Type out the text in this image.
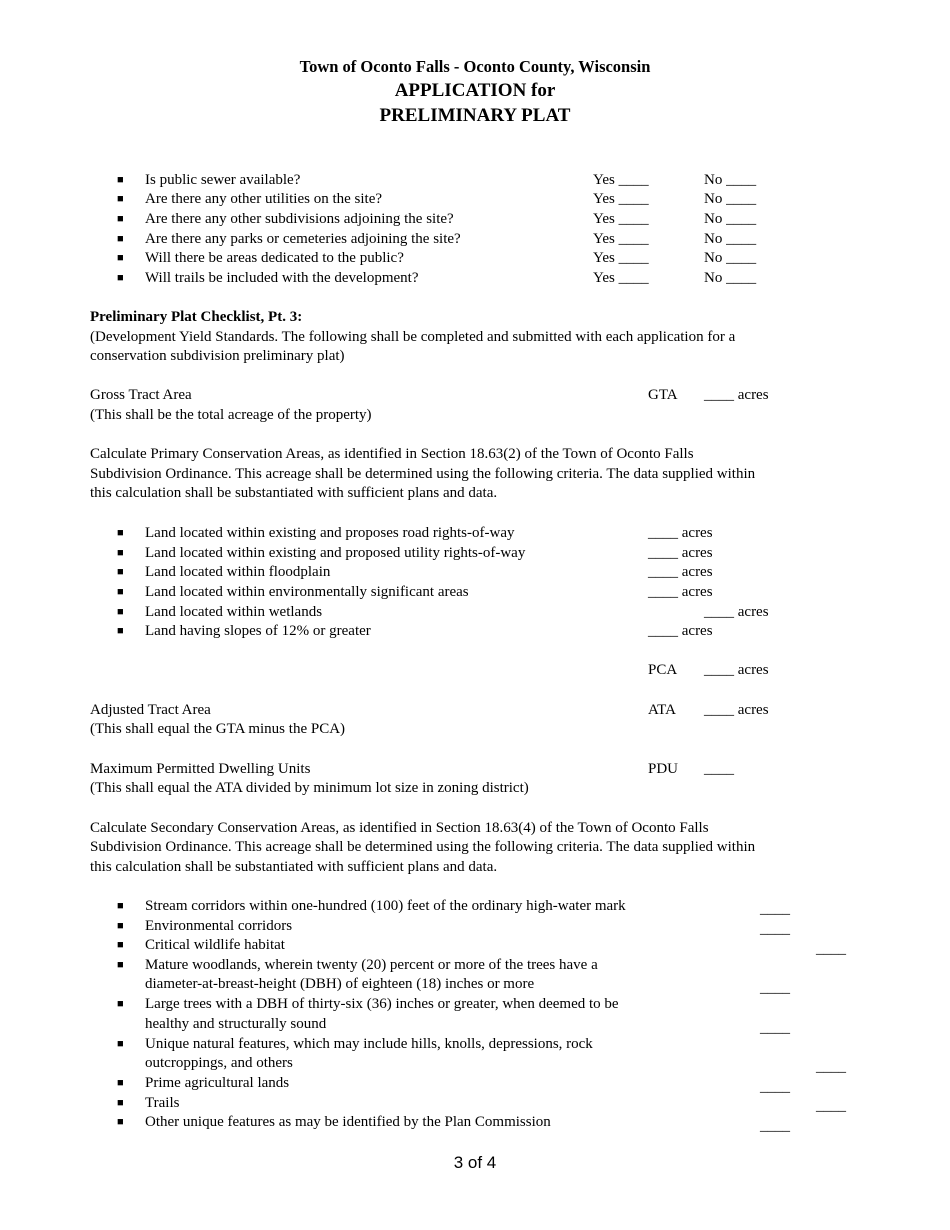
Town of Oconto Falls - Oconto County, Wisconsin
APPLICATION for
PRELIMINARY PLAT
■ Is public sewer available?	Yes ____	No ____
■ Are there any other utilities on the site?	Yes ____	No ____
■ Are there any other subdivisions adjoining the site?	Yes ____	No ____
■ Are there any parks or cemeteries adjoining the site?	Yes ____	No ____
■ Will there be areas dedicated to the public?	Yes ____	No ____
■ Will trails be included with the development?	Yes ____	No ____
Preliminary Plat Checklist, Pt. 3:
(Development Yield Standards. The following shall be completed and submitted with each application for a
conservation subdivision preliminary plat)
Gross Tract Area	GTA ____ acres
(This shall be the total acreage of the property)
Calculate Primary Conservation Areas, as identified in Section 18.63(2) of the Town of Oconto Falls
Subdivision Ordinance. This acreage shall be determined using the following criteria. The data supplied within
this calculation shall be substantiated with sufficient plans and data.
■ Land located within existing and proposes road rights-of-way	____ acres
■ Land located within existing and proposed utility rights-of-way	____ acres
■ Land located within floodplain	____ acres
■ Land located within environmentally significant areas	____ acres
■ Land located within wetlands	____ acres
■ Land having slopes of 12% or greater	____ acres
PCA ____ acres
Adjusted Tract Area	ATA ____ acres
(This shall equal the GTA minus the PCA)
Maximum Permitted Dwelling Units	PDU ____
(This shall equal the ATA divided by minimum lot size in zoning district)
Calculate Secondary Conservation Areas, as identified in Section 18.63(4) of the Town of Oconto Falls
Subdivision Ordinance. This acreage shall be determined using the following criteria. The data supplied within
this calculation shall be substantiated with sufficient plans and data.
■ Stream corridors within one-hundred (100) feet of the ordinary high-water mark	____
■ Environmental corridors	____
■ Critical wildlife habitat	____
■ Mature woodlands, wherein twenty (20) percent or more of the trees have a
diameter-at-breast-height (DBH) of eighteen (18) inches or more	____
■ Large trees with a DBH of thirty-six (36) inches or greater, when deemed to be
healthy and structurally sound	____
■ Unique natural features, which may include hills, knolls, depressions, rock
outcroppings, and others	____
■ Prime agricultural lands	____
■ Trails	____
■ Other unique features as may be identified by the Plan Commission	____
3 of 4
